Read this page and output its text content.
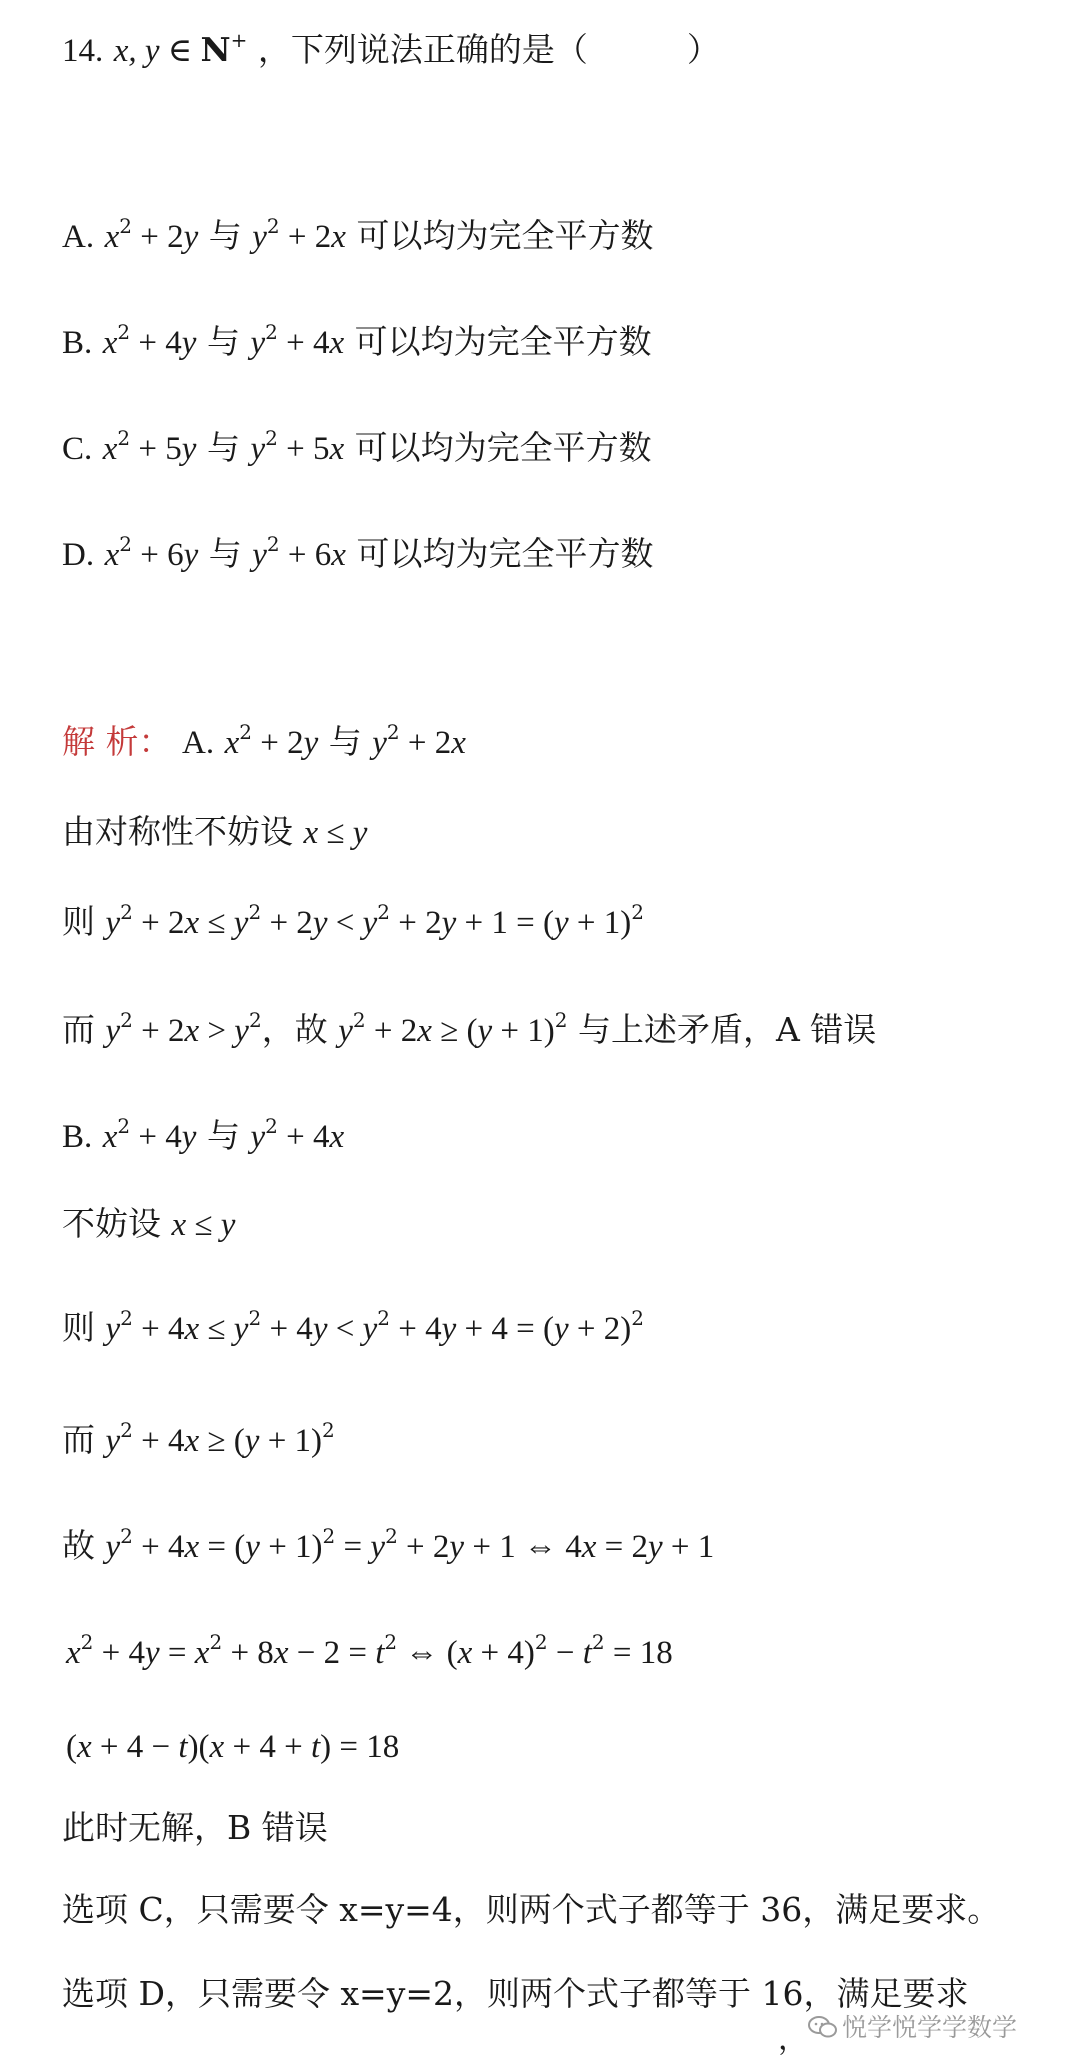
14. x, y ∈ N+ ，下列说法正确的是（　　　）
A. $x^2 + 2y$ 与 $y^2 + 2x$ 可以均为完全平方数
B. $x^2 + 4y$ 与 $y^2 + 4x$ 可以均为完全平方数
C. $x^2 + 5y$ 与 $y^2 + 5x$ 可以均为完全平方数
D. $x^2 + 6y$ 与 $y^2 + 6x$ 可以均为完全平方数
解 析： A. $x^2 + 2y$ 与 $y^2 + 2x$
由对称性不妨设 x ≤ y
则 $y^2 + 2x \le y^2 + 2y < y^2 + 2y + 1 = (y + 1)^2$
而 $y^2 + 2x > y^2$，故 $y^2 + 2x \ge (y + 1)^2$ 与上述矛盾，A 错误
B. $x^2 + 4y$ 与 $y^2 + 4x$
不妨设 x ≤ y
则 $y^2 + 4x \le y^2 + 4y < y^2 + 4y + 4 = (y + 2)^2$
而 $y^2 + 4x \ge (y + 1)^2$
故 $y^2 + 4x = (y + 1)^2 = y^2 + 2y + 1$ ⇔ 4x = 2y + 1
$x^2 + 4y = x^2 + 8x - 2 = t^2$ ⇔ $(x + 4)^2 - t^2 = 18$
(x + 4 − t)(x + 4 + t) = 18
此时无解，B 错误
选项 C，只需要令 x=y=4，则两个式子都等于 36，满足要求。
选项 D，只需要令 x=y=2，则两个式子都等于 16，满足要求
，	悦学悦学学数学
